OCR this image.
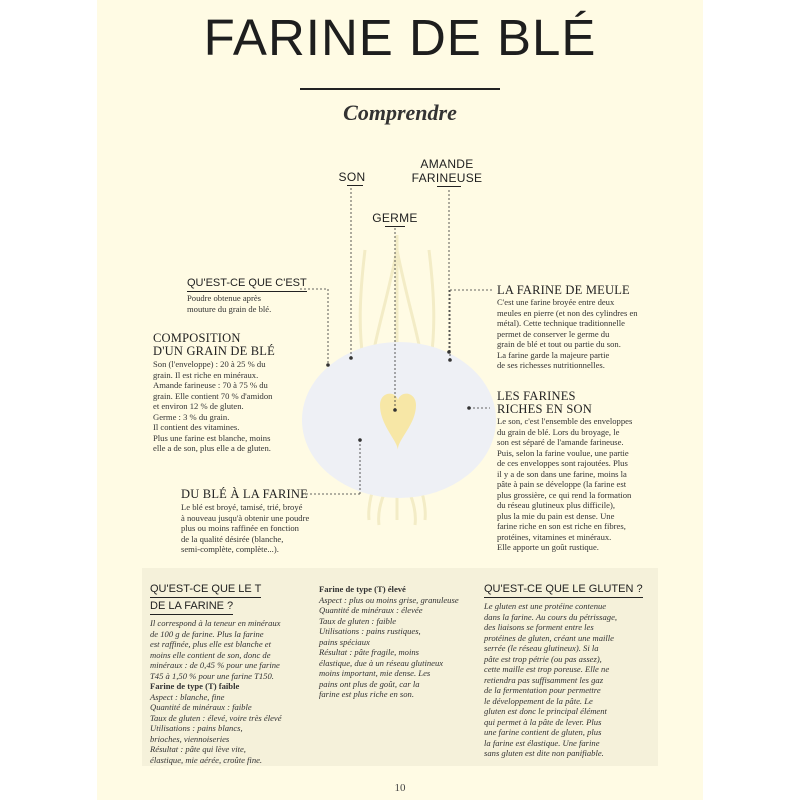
FARINE DE BLÉ
Comprendre
SON
AMANDE
FARINEUSE
GERME
QU'EST-CE QUE C'EST
Poudre obtenue après
mouture du grain de blé.
COMPOSITION
D'UN GRAIN DE BLÉ
Son (l'enveloppe) : 20 à 25 % du
grain. Il est riche en minéraux.
Amande farineuse : 70 à 75 % du
grain. Elle contient 70 % d'amidon
et environ 12 % de gluten.
Germe : 3 % du grain.
Il contient des vitamines.
Plus une farine est blanche, moins
elle a de son, plus elle a de gluten.
DU BLÉ À LA FARINE
Le blé est broyé, tamisé, trié, broyé
à nouveau jusqu'à obtenir une poudre
plus ou moins raffinée en fonction
de la qualité désirée (blanche,
semi-complète, complète...).
LA FARINE DE MEULE
C'est une farine broyée entre deux
meules en pierre (et non des cylindres en
métal). Cette technique traditionnelle
permet de conserver le germe du
grain de blé et tout ou partie du son.
La farine garde la majeure partie
de ses richesses nutritionnelles.
LES FARINES
RICHES EN SON
Le son, c'est l'ensemble des enveloppes
du grain de blé. Lors du broyage, le
son est séparé de l'amande farineuse.
Puis, selon la farine voulue, une partie
de ces enveloppes sont rajoutées. Plus
il y a de son dans une farine, moins la
pâte à pain se développe (la farine est
plus grossière, ce qui rend la formation
du réseau glutineux plus difficile),
plus la mie du pain est dense. Une
farine riche en son est riche en fibres,
protéines, vitamines et minéraux.
Elle apporte un goût rustique.
QU'EST-CE QUE LE T
DE LA FARINE ?
Il correspond à la teneur en minéraux
de 100 g de farine. Plus la farine
est raffinée, plus elle est blanche et
moins elle contient de son, donc de
minéraux : de 0,45 % pour une farine
T45 à 1,50 % pour une farine T150.
Farine de type (T) faible
Aspect : blanche, fine
Quantité de minéraux : faible
Taux de gluten : élevé, voire très élevé
Utilisations : pains blancs,
brioches, viennoiseries
Résultat : pâte qui lève vite,
élastique, mie aérée, croûte fine.
Farine de type (T) élevé
Aspect : plus ou moins grise, granuleuse
Quantité de minéraux : élevée
Taux de gluten : faible
Utilisations : pains rustiques,
pains spéciaux
Résultat : pâte fragile, moins
élastique, due à un réseau glutineux
moins important, mie dense. Les
pains ont plus de goût, car la
farine est plus riche en son.
QU'EST-CE QUE LE GLUTEN ?
Le gluten est une protéine contenue
dans la farine. Au cours du pétrissage,
des liaisons se forment entre les
protéines de gluten, créant une maille
serrée (le réseau glutineux). Si la
pâte est trop pétrie (ou pas assez),
cette maille est trop poreuse. Elle ne
retiendra pas suffisamment les gaz
de la fermentation pour permettre
le développement de la pâte. Le
gluten est donc le principal élément
qui permet à la pâte de lever. Plus
une farine contient de gluten, plus
la farine est élastique. Une farine
sans gluten est dite non panifiable.
10
